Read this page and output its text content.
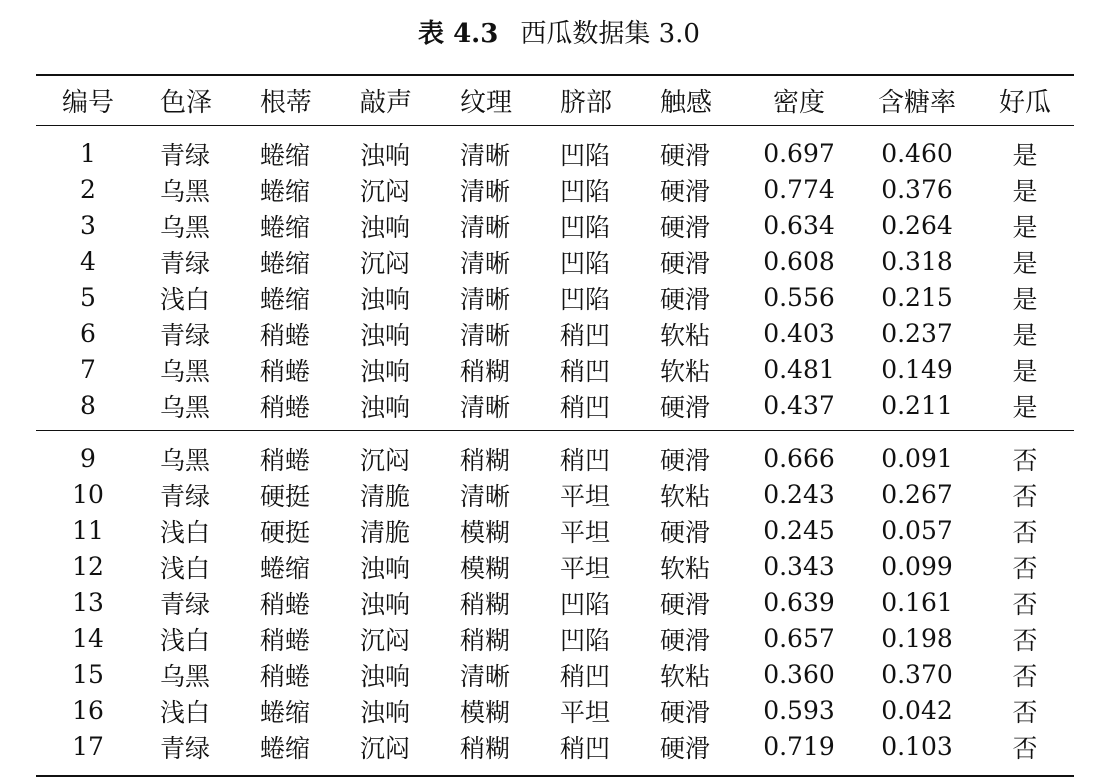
表 4.3 西瓜数据集 3.0
编号	色泽	根蒂	敲声	纹理	脐部	触感	密度	含糖率	好瓜
1	青绿	蜷缩	浊响	清晰	凹陷	硬滑	0.697	0.460	是
2	乌黑	蜷缩	沉闷	清晰	凹陷	硬滑	0.774	0.376	是
3	乌黑	蜷缩	浊响	清晰	凹陷	硬滑	0.634	0.264	是
4	青绿	蜷缩	沉闷	清晰	凹陷	硬滑	0.608	0.318	是
5	浅白	蜷缩	浊响	清晰	凹陷	硬滑	0.556	0.215	是
6	青绿	稍蜷	浊响	清晰	稍凹	软粘	0.403	0.237	是
7	乌黑	稍蜷	浊响	稍糊	稍凹	软粘	0.481	0.149	是
8	乌黑	稍蜷	浊响	清晰	稍凹	硬滑	0.437	0.211	是
9	乌黑	稍蜷	沉闷	稍糊	稍凹	硬滑	0.666	0.091	否
10	青绿	硬挺	清脆	清晰	平坦	软粘	0.243	0.267	否
11	浅白	硬挺	清脆	模糊	平坦	硬滑	0.245	0.057	否
12	浅白	蜷缩	浊响	模糊	平坦	软粘	0.343	0.099	否
13	青绿	稍蜷	浊响	稍糊	凹陷	硬滑	0.639	0.161	否
14	浅白	稍蜷	沉闷	稍糊	凹陷	硬滑	0.657	0.198	否
15	乌黑	稍蜷	浊响	清晰	稍凹	软粘	0.360	0.370	否
16	浅白	蜷缩	浊响	模糊	平坦	硬滑	0.593	0.042	否
17	青绿	蜷缩	沉闷	稍糊	稍凹	硬滑	0.719	0.103	否
